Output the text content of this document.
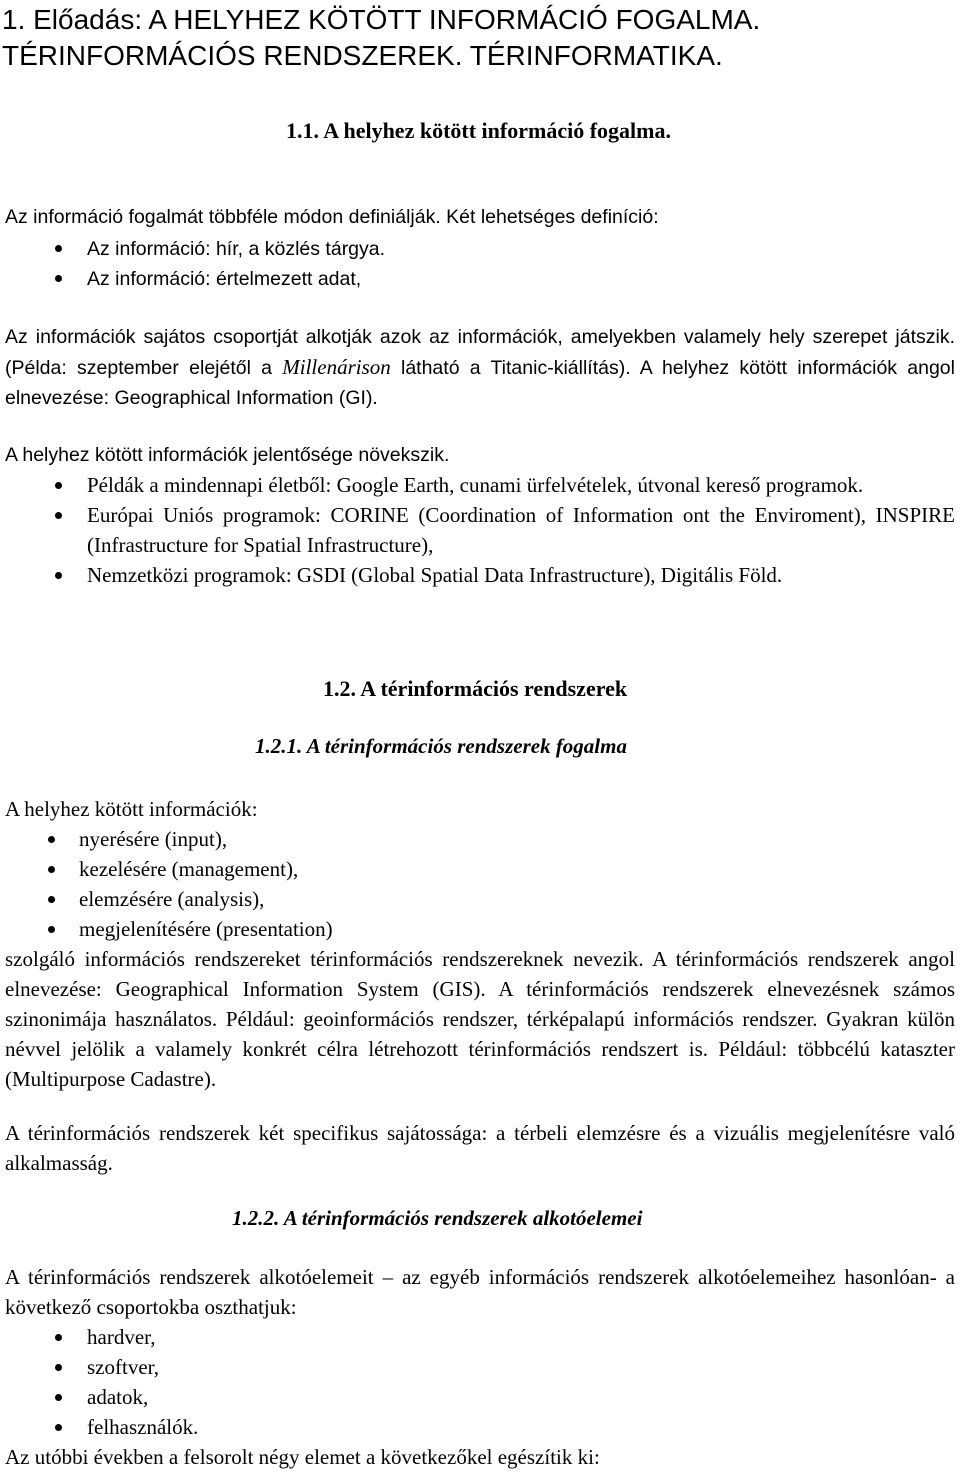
1. Előadás: A HELYHEZ KÖTÖTT INFORMÁCIÓ FOGALMA.
TÉRINFORMÁCIÓS RENDSZEREK. TÉRINFORMATIKA.
1.1. A helyhez kötött információ fogalma.
Az információ fogalmát többféle módon definiálják. Két lehetséges definíció:
Az információ: hír, a közlés tárgya.
Az információ: értelmezett adat,
Az információk sajátos csoportját alkotják azok az információk, amelyekben valamely hely szerepet játszik. (Példa: szeptember elejétől a Millenárison látható a Titanic-kiállítás). A helyhez kötött információk angol elnevezése: Geographical Information (GI).
A helyhez kötött információk jelentősége növekszik.
Példák a mindennapi életből: Google Earth, cunami ürfelvételek, útvonal kereső programok.
Európai Uniós programok: CORINE (Coordination of Information ont the Enviroment), INSPIRE (Infrastructure for Spatial Infrastructure),
Nemzetközi programok: GSDI (Global Spatial Data Infrastructure), Digitális Föld.
1.2. A térinformációs rendszerek
1.2.1. A térinformációs rendszerek fogalma
A helyhez kötött információk:
nyerésére (input),
kezelésére (management),
elemzésére (analysis),
megjelenítésére (presentation)
szolgáló információs rendszereket térinformációs rendszereknek nevezik. A térinformációs rendszerek angol elnevezése: Geographical Information System (GIS). A térinformációs rendszerek elnevezésnek számos szinonimája használatos. Például: geoinformációs rendszer, térképalapú információs rendszer. Gyakran külön névvel jelölik a valamely konkrét célra létrehozott térinformációs rendszert is. Például: többcélú kataszter (Multipurpose Cadastre).
A térinformációs rendszerek két specifikus sajátossága: a térbeli elemzésre és a vizuális megjelenítésre való alkalmasság.
1.2.2. A térinformációs rendszerek alkotóelemei
A térinformációs rendszerek alkotóelemeit – az egyéb információs rendszerek alkotóelemeihez hasonlóan- a következő csoportokba oszthatjuk:
hardver,
szoftver,
adatok,
felhasználók.
Az utóbbi években a felsorolt négy elemet a következőkel egészítik ki:
